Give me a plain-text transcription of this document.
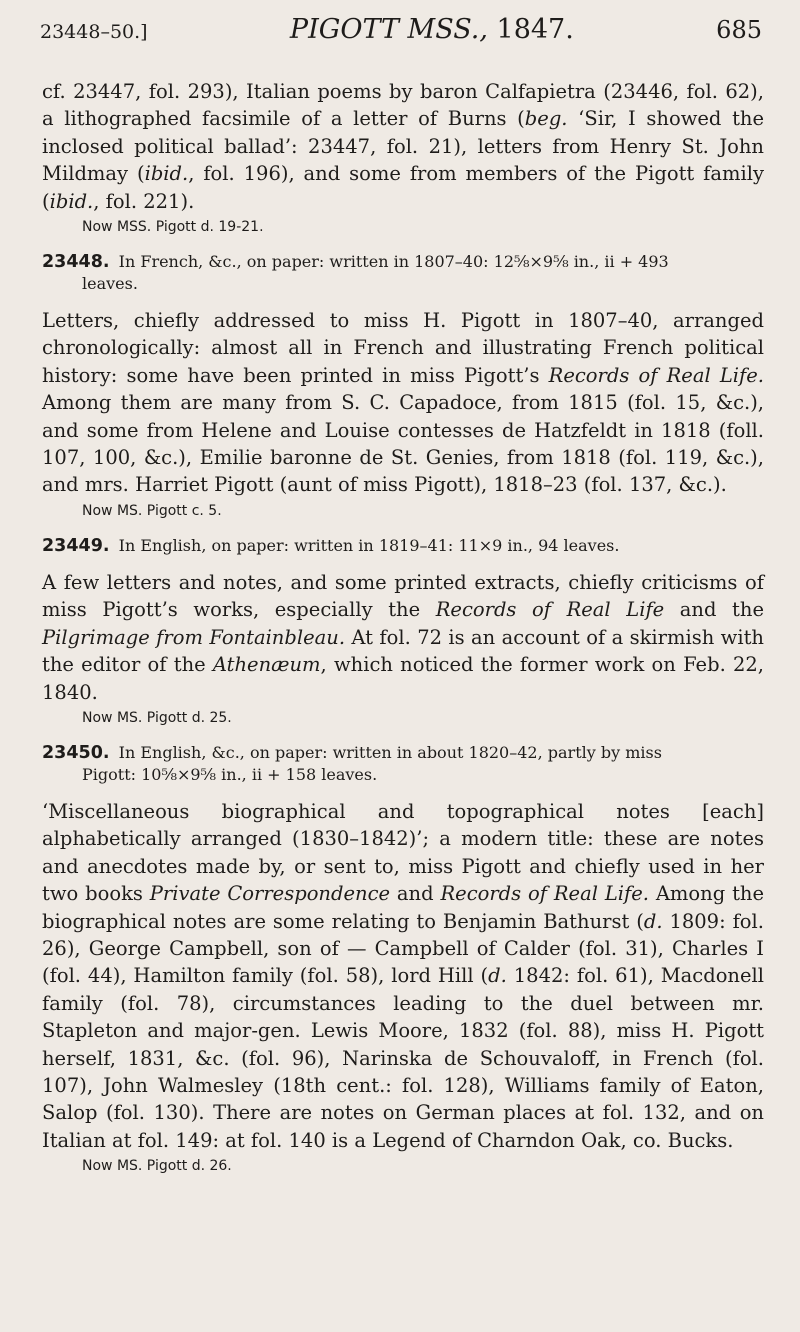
23448–50.]	PIGOTT MSS., 1847.	685

cf. 23447, fol. 293), Italian poems by baron Calfapietra (23446, fol. 62), a lithographed facsimile of a letter of Burns (beg. ‘Sir, I showed the inclosed political ballad’: 23447, fol. 21), letters from Henry St. John Mildmay (ibid., fol. 196), and some from members of the Pigott family (ibid., fol. 221).

Now MSS. Pigott d. 19-21.

23448. In French, &c., on paper: written in 1807–40: 12⅝×9⅝ in., ii + 493
leaves.

Letters, chiefly addressed to miss H. Pigott in 1807–40, arranged chronologically: almost all in French and illustrating French political history: some have been printed in miss Pigott’s Records of Real Life. Among them are many from S. C. Capadoce, from 1815 (fol. 15, &c.), and some from Helene and Louise contesses de Hatzfeldt in 1818 (foll. 107, 100, &c.), Emilie baronne de St. Genies, from 1818 (fol. 119, &c.), and mrs. Harriet Pigott (aunt of miss Pigott), 1818–23 (fol. 137, &c.).

Now MS. Pigott c. 5.

23449. In English, on paper: written in 1819–41: 11×9 in., 94 leaves.

A few letters and notes, and some printed extracts, chiefly criticisms of miss Pigott’s works, especially the Records of Real Life and the Pilgrimage from Fontainbleau. At fol. 72 is an account of a skirmish with the editor of the Athenæum, which noticed the former work on Feb. 22, 1840.

Now MS. Pigott d. 25.

23450. In English, &c., on paper: written in about 1820–42, partly by miss
Pigott: 10⅝×9⅝ in., ii + 158 leaves.

‘Miscellaneous biographical and topographical notes [each] alphabetically arranged (1830–1842)’; a modern title: these are notes and anecdotes made by, or sent to, miss Pigott and chiefly used in her two books Private Correspondence and Records of Real Life. Among the biographical notes are some relating to Benjamin Bathurst (d. 1809: fol. 26), George Campbell, son of — Campbell of Calder (fol. 31), Charles I (fol. 44), Hamilton family (fol. 58), lord Hill (d. 1842: fol. 61), Macdonell family (fol. 78), circumstances leading to the duel between mr. Stapleton and major-gen. Lewis Moore, 1832 (fol. 88), miss H. Pigott herself, 1831, &c. (fol. 96), Narinska de Schouvaloff, in French (fol. 107), John Walmesley (18th cent.: fol. 128), Williams family of Eaton, Salop (fol. 130). There are notes on German places at fol. 132, and on Italian at fol. 149: at fol. 140 is a Legend of Charndon Oak, co. Bucks.

Now MS. Pigott d. 26.
